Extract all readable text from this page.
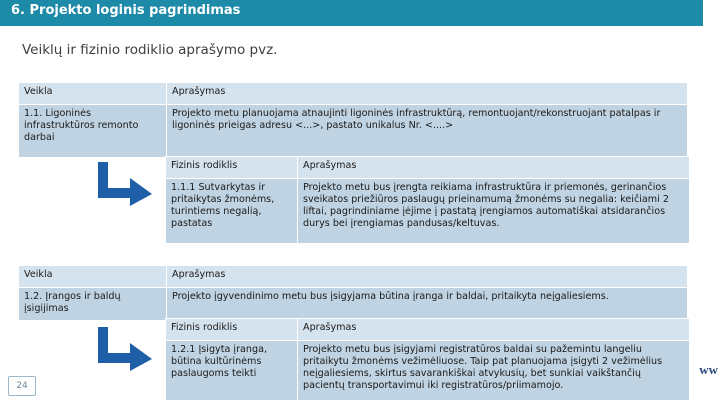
6. Projekto loginis pagrindimas
Veiklų ir fizinio rodiklio aprašymo pvz.
Veikla	Aprašymas
1.1. Ligoninės infrastruktūros remonto darbai	Projekto metu planuojama atnaujinti ligoninės infrastruktūrą, remontuojant/rekonstruojant patalpas ir ligoninės prieigas adresu <...>, pastato unikalus Nr. <....>
Fizinis rodiklis	Aprašymas
1.1.1 Sutvarkytas ir pritaikytas žmonėms, turintiems negalią, pastatas	Projekto metu bus įrengta reikiama infrastruktūra ir priemonės, gerinančios sveikatos priežiūros paslaugų prieinamumą žmonėms su negalia: keičiami 2 liftai, pagrindiniame įėjime į pastatą įrengiamos automatiškai atsidarančios durys bei įrengiamas pandusas/keltuvas.
Veikla	Aprašymas
1.2. Įrangos ir baldų įsigijimas	Projekto įgyvendinimo metu bus įsigyjama būtina įranga ir baldai, pritaikyta neįgaliesiems.
Fizinis rodiklis	Aprašymas
1.2.1 Įsigyta įranga, būtina kultūrinėms paslaugoms teikti	Projekto metu bus įsigyjami registratūros baldai su pažemintu langeliu pritaikytu žmonėms vežimėliuose. Taip pat planuojama įsigyti 2 vežimėlius neįgaliesiems, skirtus savarankiškai atvykusių, bet sunkiai vaikštančių pacientų transportavimui iki registratūros/priimamojo.
24
ww
